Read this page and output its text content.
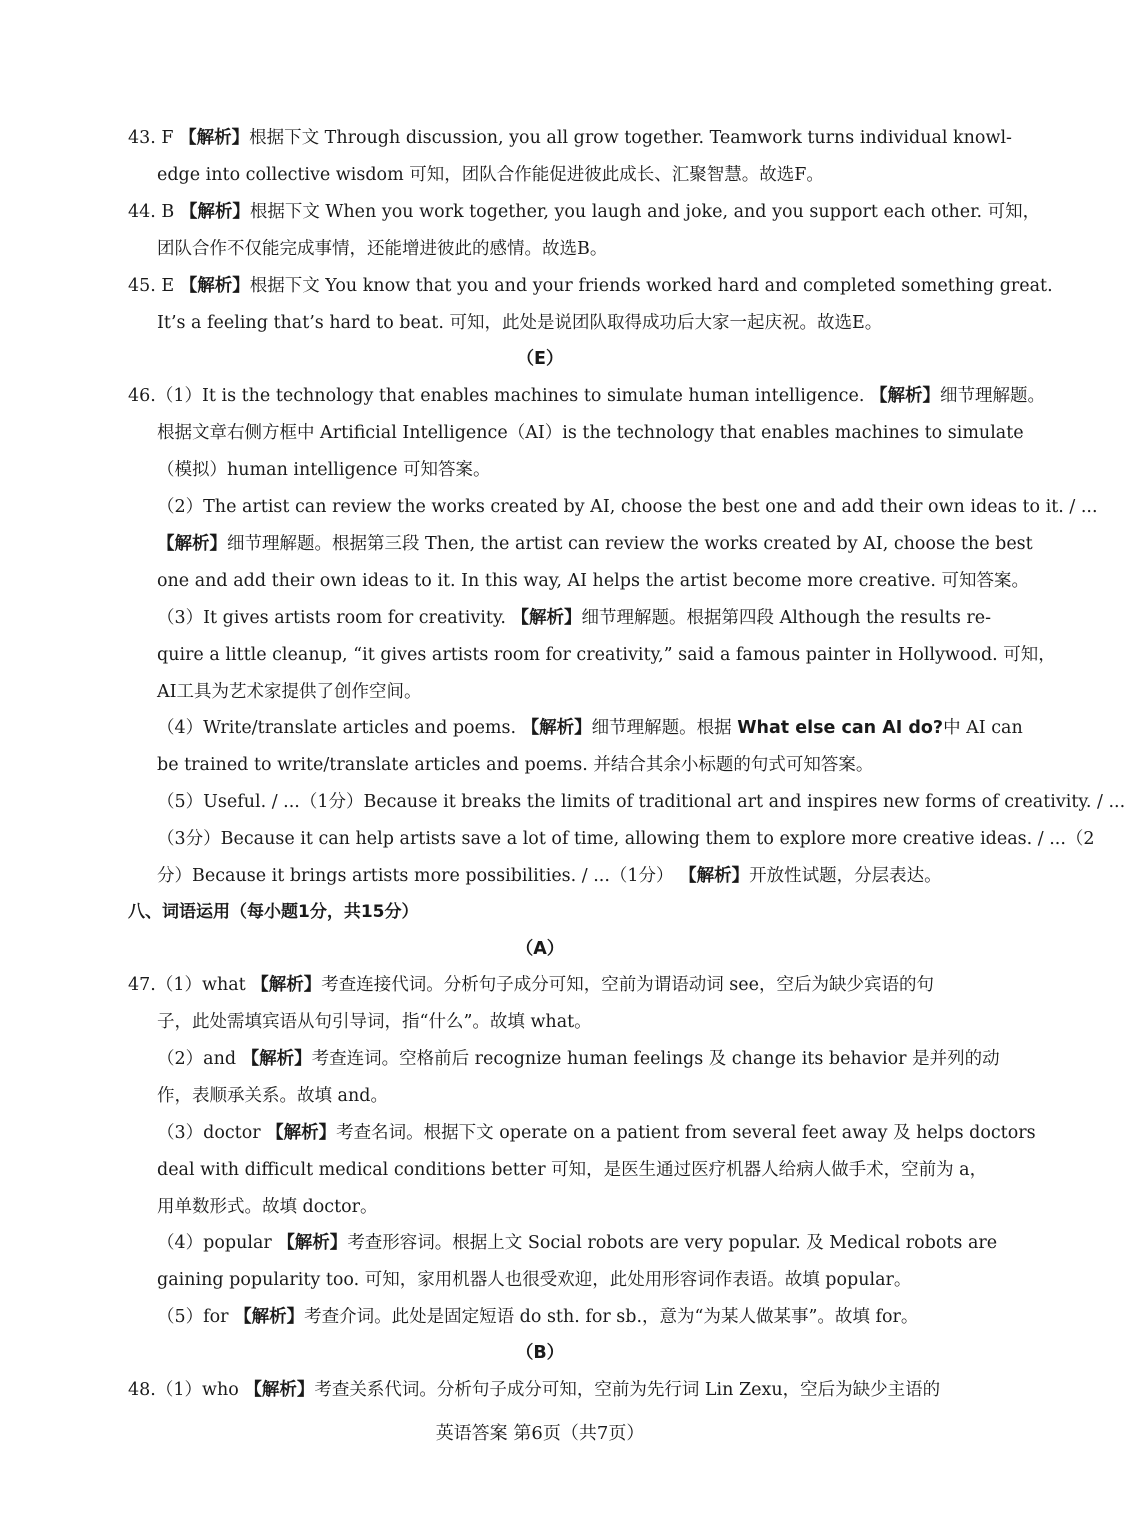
43. F 【解析】根据下文 Through discussion, you all grow together. Teamwork turns individual knowl-
edge into collective wisdom 可知，团队合作能促进彼此成长、汇聚智慧。故选F。
44. B 【解析】根据下文 When you work together, you laugh and joke, and you support each other. 可知，
团队合作不仅能完成事情，还能增进彼此的感情。故选B。
45. E 【解析】根据下文 You know that you and your friends worked hard and completed something great.
It’s a feeling that’s hard to beat. 可知，此处是说团队取得成功后大家一起庆祝。故选E。
（E）
46.（1）It is the technology that enables machines to simulate human intelligence. 【解析】细节理解题。
根据文章右侧方框中 Artificial Intelligence（AI）is the technology that enables machines to simulate
（模拟）human intelligence 可知答案。
（2）The artist can review the works created by AI, choose the best one and add their own ideas to it. / ...
【解析】细节理解题。根据第三段 Then, the artist can review the works created by AI, choose the best
one and add their own ideas to it. In this way, AI helps the artist become more creative. 可知答案。
（3）It gives artists room for creativity. 【解析】细节理解题。根据第四段 Although the results re-
quire a little cleanup, “it gives artists room for creativity,” said a famous painter in Hollywood. 可知，
AI工具为艺术家提供了创作空间。
（4）Write/translate articles and poems. 【解析】细节理解题。根据 What else can AI do?中 AI can
be trained to write/translate articles and poems. 并结合其余小标题的句式可知答案。
（5）Useful. / ...（1分）Because it breaks the limits of traditional art and inspires new forms of creativity. / ...
（3分）Because it can help artists save a lot of time, allowing them to explore more creative ideas. / ...（2
分）Because it brings artists more possibilities. / ...（1分） 【解析】开放性试题，分层表达。
八、词语运用（每小题1分，共15分）
（A）
47.（1）what 【解析】考查连接代词。分析句子成分可知，空前为谓语动词 see，空后为缺少宾语的句
子，此处需填宾语从句引导词，指“什么”。故填 what。
（2）and 【解析】考查连词。空格前后 recognize human feelings 及 change its behavior 是并列的动
作，表顺承关系。故填 and。
（3）doctor 【解析】考查名词。根据下文 operate on a patient from several feet away 及 helps doctors
deal with difficult medical conditions better 可知，是医生通过医疗机器人给病人做手术，空前为 a，
用单数形式。故填 doctor。
（4）popular 【解析】考查形容词。根据上文 Social robots are very popular. 及 Medical robots are
gaining popularity too. 可知，家用机器人也很受欢迎，此处用形容词作表语。故填 popular。
（5）for 【解析】考查介词。此处是固定短语 do sth. for sb.，意为“为某人做某事”。故填 for。
（B）
48.（1）who 【解析】考查关系代词。分析句子成分可知，空前为先行词 Lin Zexu，空后为缺少主语的
英语答案 第6页（共7页）
